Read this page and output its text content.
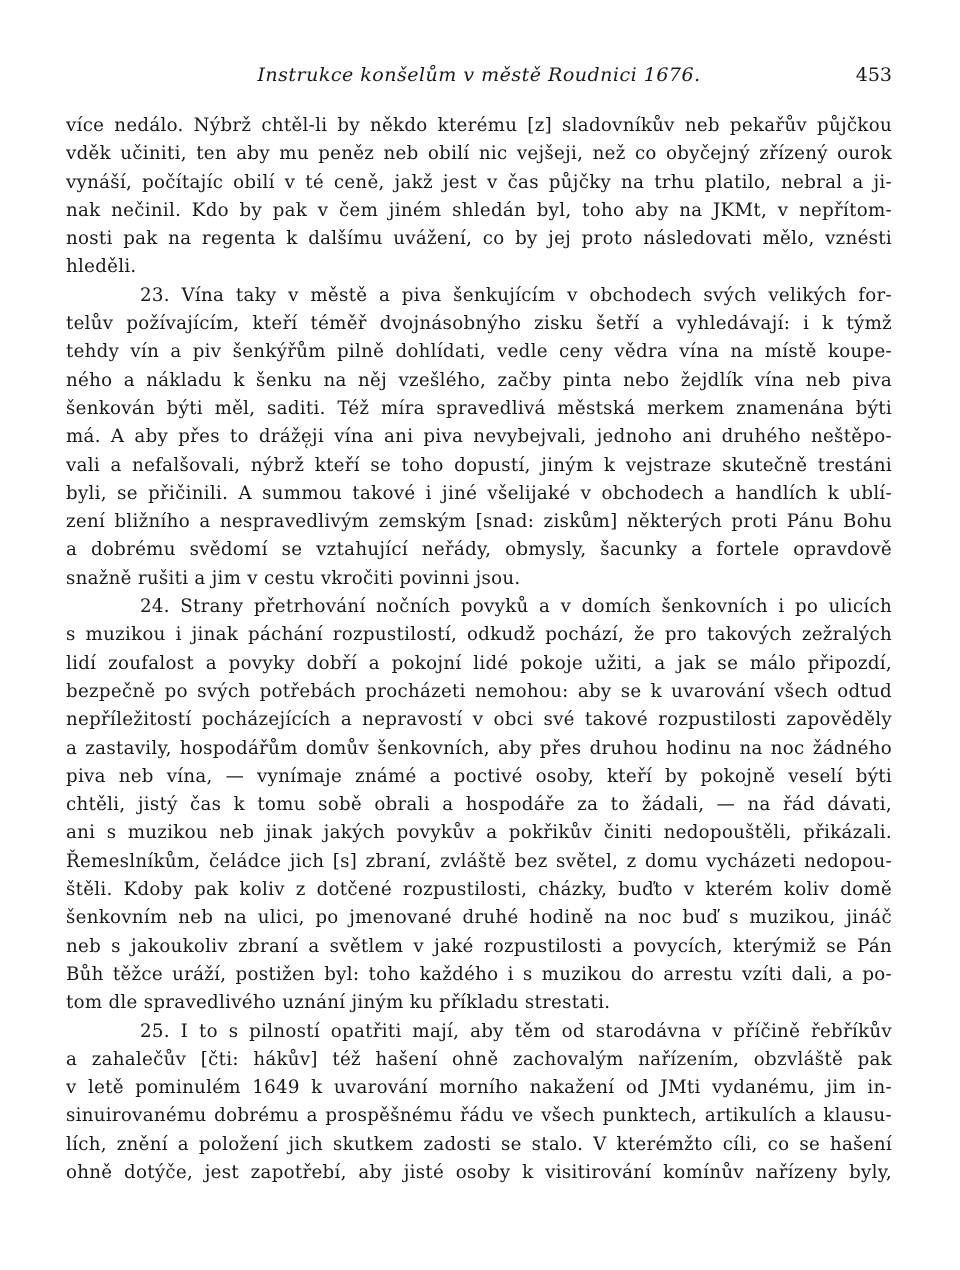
Instrukce konšelům v městě Roudnici 1676.	453
více nedálo. Nýbrž chtěl-li by někdo kterému [z] sladovníkův neb pekařův půjčkou
vděk učiniti, ten aby mu peněz neb obilí nic vejšeji, než co obyčejný zřízený ourok
vynáší, počítajíc obilí v té ceně, jakž jest v čas půjčky na trhu platilo, nebral a ji-
nak nečinil. Kdo by pak v čem jiném shledán byl, toho aby na JKMt, v nepřítom-
nosti pak na regenta k dalšímu uvážení, co by jej proto následovati mělo, vznésti
hleděli.
23. Vína taky v městě a piva šenkujícím v obchodech svých velikých for-
telův požívajícím, kteří téměř dvojnásobnýho zisku šetří a vyhledávají: i k týmž
tehdy vín a piv šenkýřům pilně dohlídati, vedle ceny vědra vína na místě koupe-
ného a nákladu k šenku na něj vzešlého, začby pinta nebo žejdlík vína neb piva
šenkován býti měl, saditi. Též míra spravedlivá městská merkem znamenána býti
má. A aby přes to dráže̜ji vína ani piva nevybejvali, jednoho ani druhého neštěpo-
vali a nefalšovali, nýbrž kteří se toho dopustí, jiným k vejstraze skutečně trestáni
byli, se přičinili. A summou takové i jiné všelijaké v obchodech a handlích k ublí-
zení bližního a nespravedlivým zemským [snad: ziskům] některých proti Pánu Bohu
a dobrému svědomí se vztahující neřády, obmysly, šacunky a fortele opravdově
snažně rušiti a jim v cestu vkročiti povinni jsou.
24. Strany přetrhování nočních povyků a v domích šenkovních i po ulicích
s muzikou i jinak páchání rozpustilostí, odkudž pochází, že pro takových zežralých
lidí zoufalost a povyky dobří a pokojní lidé pokoje užiti, a jak se málo připozdí,
bezpečně po svých potřebách procházeti nemohou: aby se k uvarování všech odtud
nepříležitostí pocházejících a nepravostí v obci své takové rozpustilosti zapověděly
a zastavily, hospodářům domův šenkovních, aby přes druhou hodinu na noc žádného
piva neb vína, — vynímaje známé a poctivé osoby, kteří by pokojně veselí býti
chtěli, jistý čas k tomu sobě obrali a hospodáře za to žádali, — na řád dávati,
ani s muzikou neb jinak jakých povykův a pokřikův činiti nedopouštěli, přikázali.
Řemeslníkům, čeládce jich [s] zbraní, zvláště bez světel, z domu vycházeti nedopou-
štěli. Kdoby pak koliv z dotčené rozpustilosti, cházky, buďto v kterém koliv domě
šenkovním neb na ulici, po jmenované druhé hodině na noc buď s muzikou, jináč
neb s jakoukoliv zbraní a světlem v jaké rozpustilosti a povycích, kterýmiž se Pán
Bůh těžce uráží, postižen byl: toho každého i s muzikou do arrestu vzíti dali, a po-
tom dle spravedlivého uznání jiným ku příkladu strestati.
25. I to s pilností opatřiti mají, aby těm od starodávna v příčině řebříkův
a zahalečův [čti: hákův] též hašení ohně zachovalým nařízením, obzvláště pak
v letě pominulém 1649 k uvarování morního nakažení od JMti vydanému, jim in-
sinuirovanému dobrému a prospěšnému řádu ve všech punktech, artikulích a klausu-
lích, znění a položení jich skutkem zadosti se stalo. V kterémžto cíli, co se hašení
ohně dotýče, jest zapotřebí, aby jisté osoby k visitirování komínův nařízeny byly,
